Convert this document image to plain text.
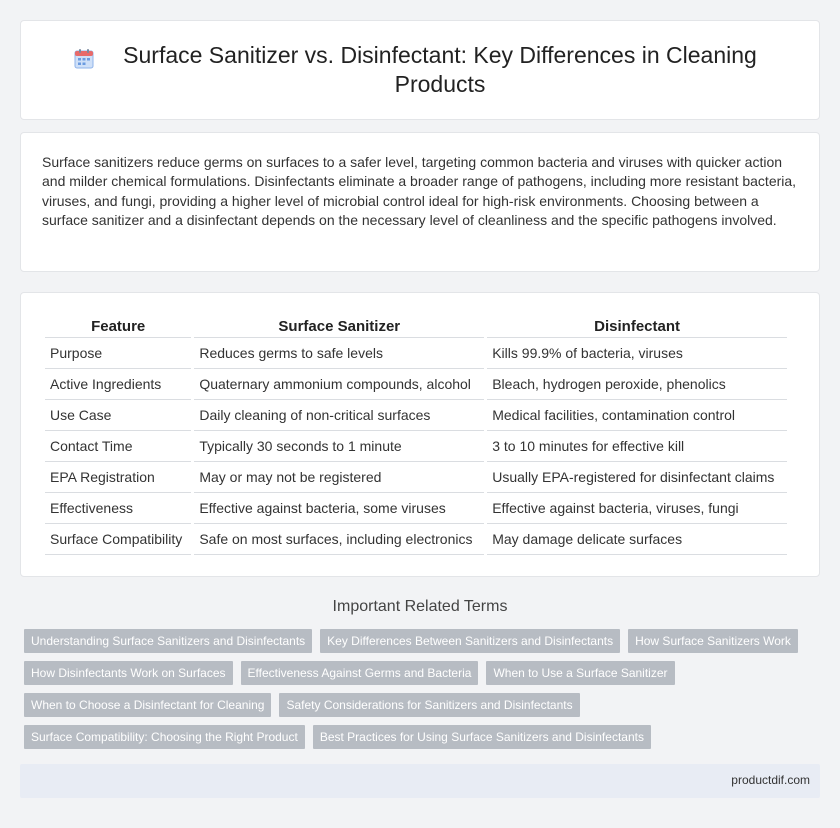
Surface Sanitizer vs. Disinfectant: Key Differences in Cleaning Products

Surface sanitizers reduce germs on surfaces to a safer level, targeting common bacteria and viruses with quicker action and milder chemical formulations. Disinfectants eliminate a broader range of pathogens, including more resistant bacteria, viruses, and fungi, providing a higher level of microbial control ideal for high-risk environments. Choosing between a surface sanitizer and a disinfectant depends on the necessary level of cleanliness and the specific pathogens involved.

Feature	Surface Sanitizer	Disinfectant
Purpose	Reduces germs to safe levels	Kills 99.9% of bacteria, viruses
Active Ingredients	Quaternary ammonium compounds, alcohol	Bleach, hydrogen peroxide, phenolics
Use Case	Daily cleaning of non-critical surfaces	Medical facilities, contamination control
Contact Time	Typically 30 seconds to 1 minute	3 to 10 minutes for effective kill
EPA Registration	May or may not be registered	Usually EPA-registered for disinfectant claims
Effectiveness	Effective against bacteria, some viruses	Effective against bacteria, viruses, fungi
Surface Compatibility	Safe on most surfaces, including electronics	May damage delicate surfaces
Important Related Terms
Understanding Surface Sanitizers and Disinfectants	Key Differences Between Sanitizers and Disinfectants	How Surface Sanitizers Work
How Disinfectants Work on Surfaces	Effectiveness Against Germs and Bacteria	When to Use a Surface Sanitizer
When to Choose a Disinfectant for Cleaning	Safety Considerations for Sanitizers and Disinfectants
Surface Compatibility: Choosing the Right Product	Best Practices for Using Surface Sanitizers and Disinfectants
productdif.com
